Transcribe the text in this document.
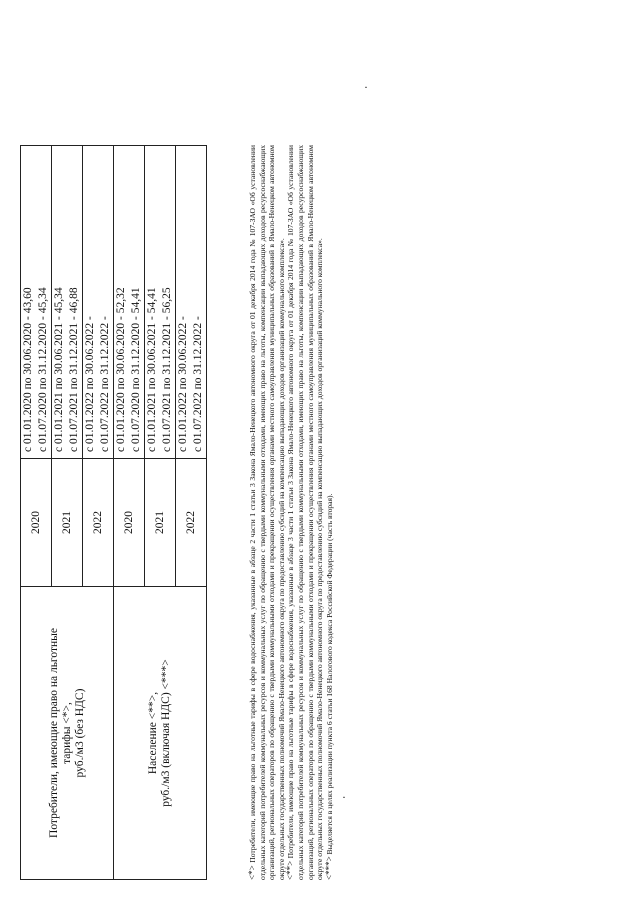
Потребители, имеющие право на льготные
тарифы <*>,
руб./м3 (без НДС)	2020	с 01.01.2020 по 30.06.2020 - 43,60 с 01.07.2020 по 31.12.2020 - 45,34

	2021	с 01.01.2021 по 30.06.2021 - 45,34 с 01.07.2021 по 31.12.2021 - 46,88

	2022	с 01.01.2022 по 30.06.2022 - с 01.07.2022 по 31.12.2022 -

Население <**>,
руб./м3 (включая НДС) <***>	2020	с 01.01.2020 по 30.06.2020 - 52,32 с 01.07.2020 по 31.12.2020 - 54,41

	2021	с 01.01.2021 по 30.06.2021 - 54,41 с 01.07.2021 по 31.12.2021 - 56,25

	2022	с 01.01.2022 по 30.06.2022 - с 01.07.2022 по 31.12.2022 -

<*> Потребители, имеющие право на льготные тарифы в сфере водоснабжения, указанные в абзаце 2 части 1 статьи 3 Закона Ямало-Ненецкого автономного округа от 01 декабря 2014 года № 107-ЗАО «Об установлении отдельных категорий потребителей коммунальных ресурсов и коммунальных услуг по обращению с твердыми коммунальными отходами, имеющих право на льготы, компенсации выпадающих доходов ресурсоснабжающих организаций, региональных операторов по обращению с твердыми коммунальными отходами и прекращении осуществления органами местного самоуправления муниципальных образований в Ямало-Ненецком автономном округе отдельных государственных полномочий Ямало-Ненецкого автономного округа по предоставлению субсидий на компенсацию выпадающих доходов организаций коммунального комплекса». <**> Потребители, имеющие право на льготные тарифы в сфере водоснабжения, указанные в абзаце 3 части 1 статьи 3 Закона Ямало-Ненецкого автономного округа от 01 декабря 2014 года № 107-ЗАО «Об установлении отдельных категорий потребителей коммунальных ресурсов и коммунальных услуг по обращению с твердыми коммунальными отходами, имеющих право на льготы, компенсации выпадающих доходов ресурсоснабжающих организаций, региональных операторов по обращению с твердыми коммунальными отходами и прекращении осуществления органами местного самоуправления муниципальных образований в Ямало-Ненецком автономном округе отдельных государственных полномочий Ямало-Ненецкого автономного округа по предоставлению субсидий на компенсацию выпадающих доходов организаций коммунального комплекса». <***> Выделяется в целях реализации пункта 6 статьи 168 Налогового кодекса Российской Федерации (часть вторая).

·
·
